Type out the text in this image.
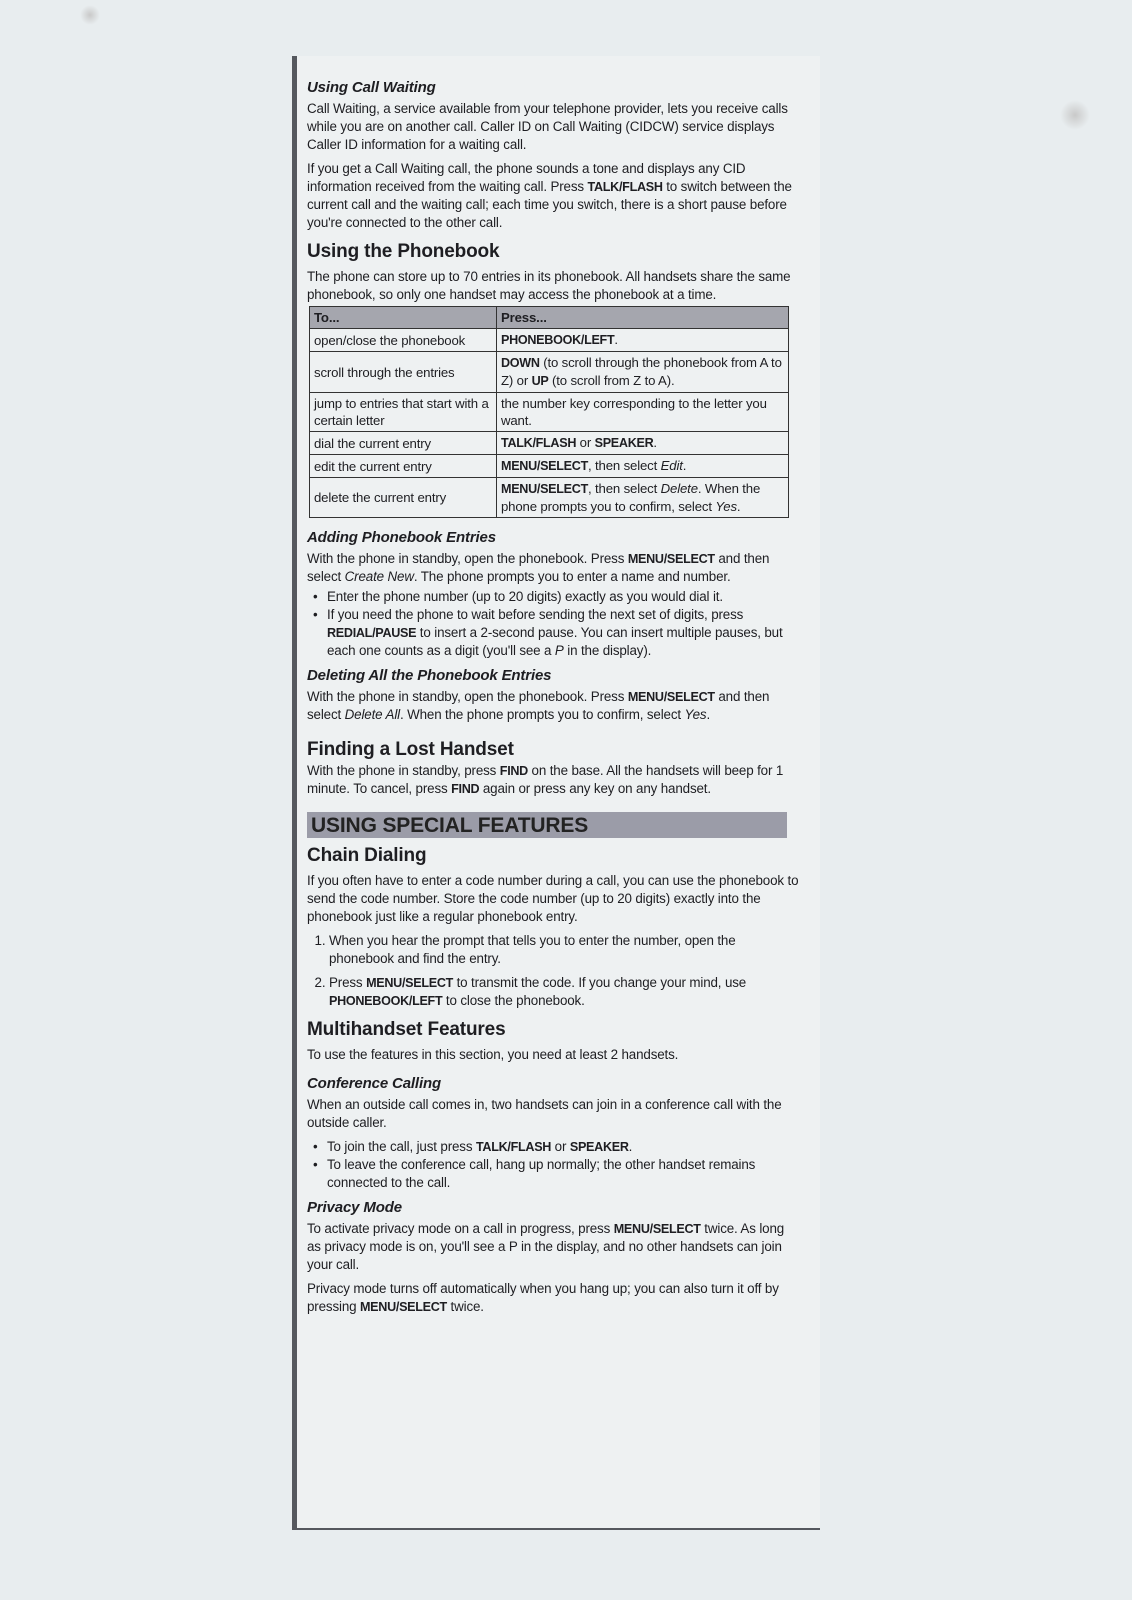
Using Call Waiting

Call Waiting, a service available from your telephone provider, lets you receive calls while you are on another call. Caller ID on Call Waiting (CIDCW) service displays Caller ID information for a waiting call.

If you get a Call Waiting call, the phone sounds a tone and displays any CID information received from the waiting call. Press TALK/FLASH to switch between the current call and the waiting call; each time you switch, there is a short pause before you're connected to the other call.

Using the Phonebook

The phone can store up to 70 entries in its phonebook. All handsets share the same phonebook, so only one handset may access the phonebook at a time.

To...	Press...
open/close the phonebook	PHONEBOOK/LEFT.
scroll through the entries	DOWN (to scroll through the phonebook from A to Z) or UP (to scroll from Z to A).
jump to entries that start with a certain letter	the number key corresponding to the letter you want.
dial the current entry	TALK/FLASH or SPEAKER.
edit the current entry	MENU/SELECT, then select Edit.
delete the current entry	MENU/SELECT, then select Delete. When the phone prompts you to confirm, select Yes.
Adding Phonebook Entries

With the phone in standby, open the phonebook. Press MENU/SELECT and then select Create New. The phone prompts you to enter a name and number.

• Enter the phone number (up to 20 digits) exactly as you would dial it.
• If you need the phone to wait before sending the next set of digits, press REDIAL/PAUSE to insert a 2-second pause. You can insert multiple pauses, but each one counts as a digit (you'll see a P in the display).
Deleting All the Phonebook Entries

With the phone in standby, open the phonebook. Press MENU/SELECT and then select Delete All. When the phone prompts you to confirm, select Yes.

Finding a Lost Handset

With the phone in standby, press FIND on the base. All the handsets will beep for 1 minute. To cancel, press FIND again or press any key on any handset.

USING SPECIAL FEATURES
Chain Dialing

If you often have to enter a code number during a call, you can use the phonebook to send the code number. Store the code number (up to 20 digits) exactly into the phonebook just like a regular phonebook entry.

1. When you hear the prompt that tells you to enter the number, open the phonebook and find the entry.
2. Press MENU/SELECT to transmit the code. If you change your mind, use PHONEBOOK/LEFT to close the phonebook.
Multihandset Features

To use the features in this section, you need at least 2 handsets.

Conference Calling

When an outside call comes in, two handsets can join in a conference call with the outside caller.

• To join the call, just press TALK/FLASH or SPEAKER.
• To leave the conference call, hang up normally; the other handset remains connected to the call.
Privacy Mode

To activate privacy mode on a call in progress, press MENU/SELECT twice. As long as privacy mode is on, you'll see a P in the display, and no other handsets can join your call.

Privacy mode turns off automatically when you hang up; you can also turn it off by pressing MENU/SELECT twice.
